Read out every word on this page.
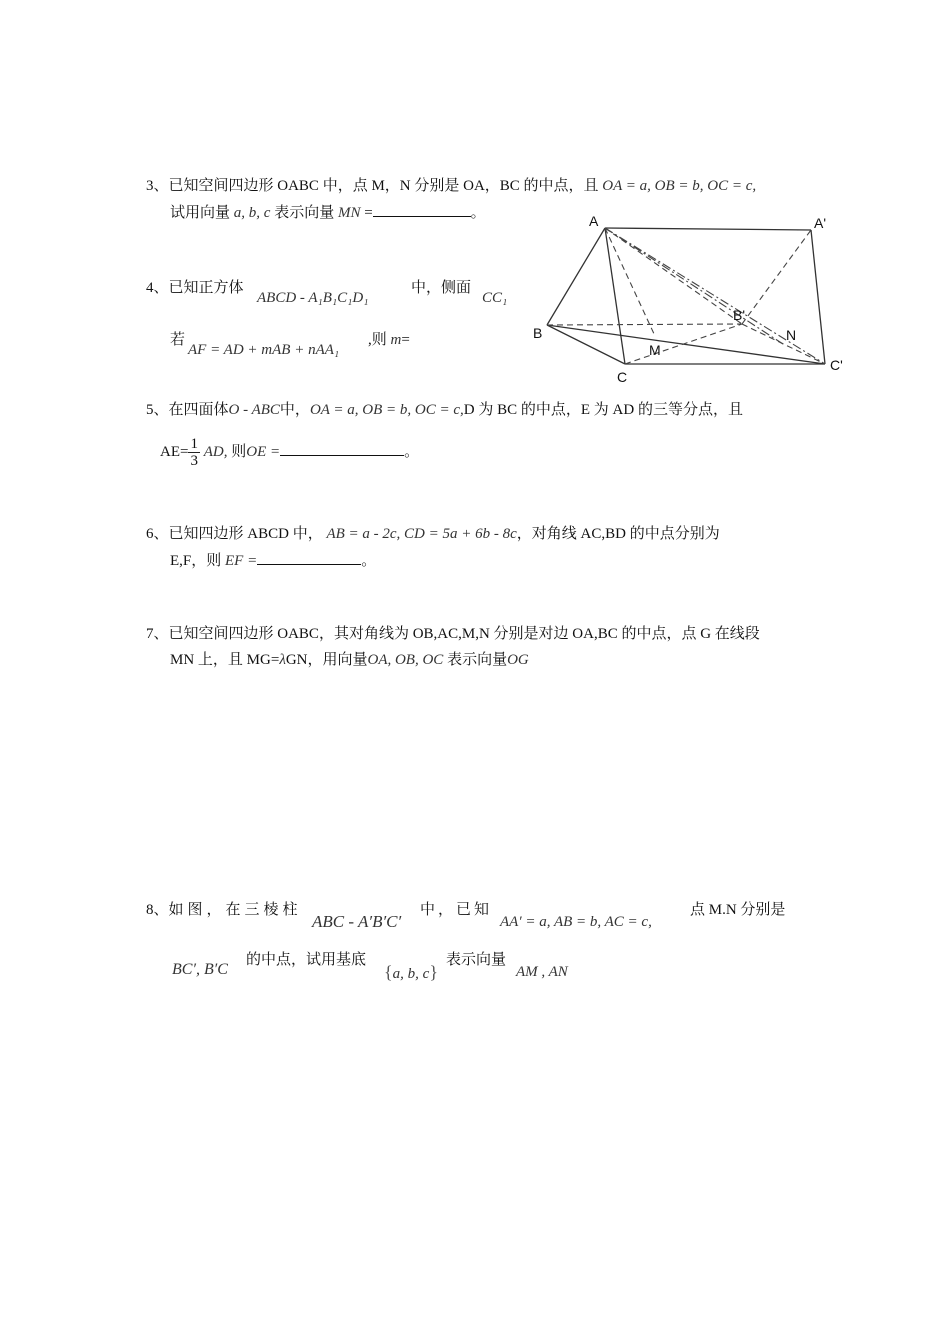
3、已知空间四边形 OABC 中，点 M，N 分别是 OA，BC 的中点，且 OA = a, OB = b, OC = c,
试用向量 a, b, c 表示向量 MN =	。
4、已知正方体
ABCD - A₁B₁C₁D₁
中，侧面
CC₁
若
AF = AD + mAB + nAA₁
,则 m=
A	A'
B
B'
C
C'
M
N
5、在四面体O - ABC中，OA = a, OB = b, OC = c,D 为 BC 的中点，E 为 AD 的三等分点，且
$AE= \frac{1}{3}$ AD, 则OE =	。
6、已知四边形 ABCD 中， AB = a - 2c, CD = 5a + 6b - 8c，对角线 AC,BD 的中点分别为
E,F，则 EF =	。
7、已知空间四边形 OABC，其对角线为 OB,AC,M,N 分别是对边 OA,BC 的中点，点 G 在线段
MN 上，且 MG=λGN，用向量OA, OB, OC 表示向量OG
8、如图，在三棱柱
ABC - A′B′C′
中，已知
AA′ = a, AB = b, AC = c,
点 M.N 分别是
BC′, B′C
的中点，试用基底
{a, b, c}
表示向量
AM , AN
